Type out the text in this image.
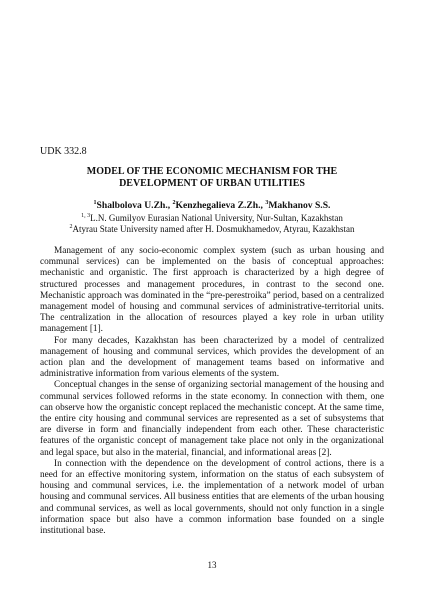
UDK 332.8
MODEL OF THE ECONOMIC MECHANISM FOR THE
DEVELOPMENT OF URBAN UTILITIES
$^1$Shalbolova U.Zh., $^2$Kenzhegalieva Z.Zh., $^3$Makhanov S.S.
$^{1, 3}$L.N. Gumilyov Eurasian National University, Nur-Sultan, Kazakhstan
$^2$Atyrau State University named after H. Dosmukhamedov, Atyrau, Kazakhstan

Management of any socio-economic complex system (such as urban housing and communal services) can be implemented on the basis of conceptual approaches: mechanistic and organistic. The first approach is characterized by a high degree of structured processes and management procedures, in contrast to the second one. Mechanistic approach was dominated in the “pre-perestroika” period, based on a centralized management model of housing and communal services of administrative-territorial units. The centralization in the allocation of resources played a key role in urban utility management [1].

For many decades, Kazakhstan has been characterized by a model of centralized management of housing and communal services, which provides the development of an action plan and the development of management teams based on informative and administrative information from various elements of the system.

Conceptual changes in the sense of organizing sectorial management of the housing and communal services followed reforms in the state economy. In connection with them, one can observe how the organistic concept replaced the mechanistic concept. At the same time, the entire city housing and communal services are represented as a set of subsystems that are diverse in form and financially independent from each other. These characteristic features of the organistic concept of management take place not only in the organizational and legal space, but also in the material, financial, and informational areas [2].

In connection with the dependence on the development of control actions, there is a need for an effective monitoring system, information on the status of each subsystem of housing and communal services, i.e. the implementation of a network model of urban housing and communal services. All business entities that are elements of the urban housing and communal services, as well as local governments, should not only function in a single information space but also have a common information base founded on a single institutional base.

13
